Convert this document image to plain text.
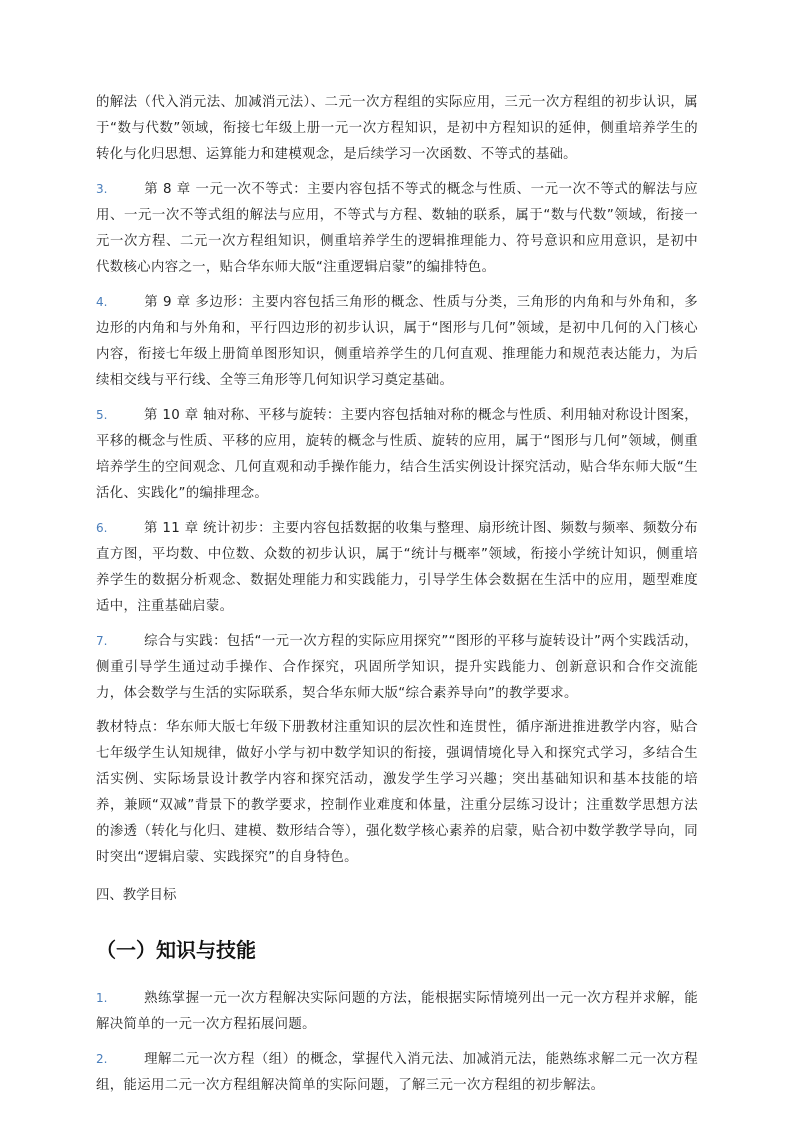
的解法（代入消元法、加减消元法）、二元一次方程组的实际应用，三元一次方程组的初步认识，属于“数与代数”领域，衔接七年级上册一元一次方程知识，是初中方程知识的延伸，侧重培养学生的转化与化归思想、运算能力和建模观念，是后续学习一次函数、不等式的基础。

3.	第 8 章 一元一次不等式：主要内容包括不等式的概念与性质、一元一次不等式的解法与应用、一元一次不等式组的解法与应用，不等式与方程、数轴的联系，属于“数与代数”领域，衔接一元一次方程、二元一次方程组知识，侧重培养学生的逻辑推理能力、符号意识和应用意识，是初中代数核心内容之一，贴合华东师大版“注重逻辑启蒙”的编排特色。
4.	第 9 章 多边形：主要内容包括三角形的概念、性质与分类，三角形的内角和与外角和，多边形的内角和与外角和，平行四边形的初步认识，属于“图形与几何”领域，是初中几何的入门核心内容，衔接七年级上册简单图形知识，侧重培养学生的几何直观、推理能力和规范表达能力，为后续相交线与平行线、全等三角形等几何知识学习奠定基础。
5.	第 10 章 轴对称、平移与旋转：主要内容包括轴对称的概念与性质、利用轴对称设计图案，平移的概念与性质、平移的应用，旋转的概念与性质、旋转的应用，属于“图形与几何”领域，侧重培养学生的空间观念、几何直观和动手操作能力，结合生活实例设计探究活动，贴合华东师大版“生活化、实践化”的编排理念。
6.	第 11 章 统计初步：主要内容包括数据的收集与整理、扇形统计图、频数与频率、频数分布直方图，平均数、中位数、众数的初步认识，属于“统计与概率”领域，衔接小学统计知识，侧重培养学生的数据分析观念、数据处理能力和实践能力，引导学生体会数据在生活中的应用，题型难度适中，注重基础启蒙。
7.	综合与实践：包括“一元一次方程的实际应用探究”“图形的平移与旋转设计”两个实践活动，侧重引导学生通过动手操作、合作探究，巩固所学知识，提升实践能力、创新意识和合作交流能力，体会数学与生活的实际联系，契合华东师大版“综合素养导向”的教学要求。

教材特点：华东师大版七年级下册教材注重知识的层次性和连贯性，循序渐进推进教学内容，贴合七年级学生认知规律，做好小学与初中数学知识的衔接，强调情境化导入和探究式学习，多结合生活实例、实际场景设计教学内容和探究活动，激发学生学习兴趣；突出基础知识和基本技能的培养，兼顾“双减”背景下的教学要求，控制作业难度和体量，注重分层练习设计；注重数学思想方法的渗透（转化与化归、建模、数形结合等），强化数学核心素养的启蒙，贴合初中数学教学导向，同时突出“逻辑启蒙、实践探究”的自身特色。

四、教学目标

（一）知识与技能
1.	熟练掌握一元一次方程解决实际问题的方法，能根据实际情境列出一元一次方程并求解，能解决简单的一元一次方程拓展问题。
2.	理解二元一次方程（组）的概念，掌握代入消元法、加减消元法，能熟练求解二元一次方程组，能运用二元一次方程组解决简单的实际问题，了解三元一次方程组的初步解法。
